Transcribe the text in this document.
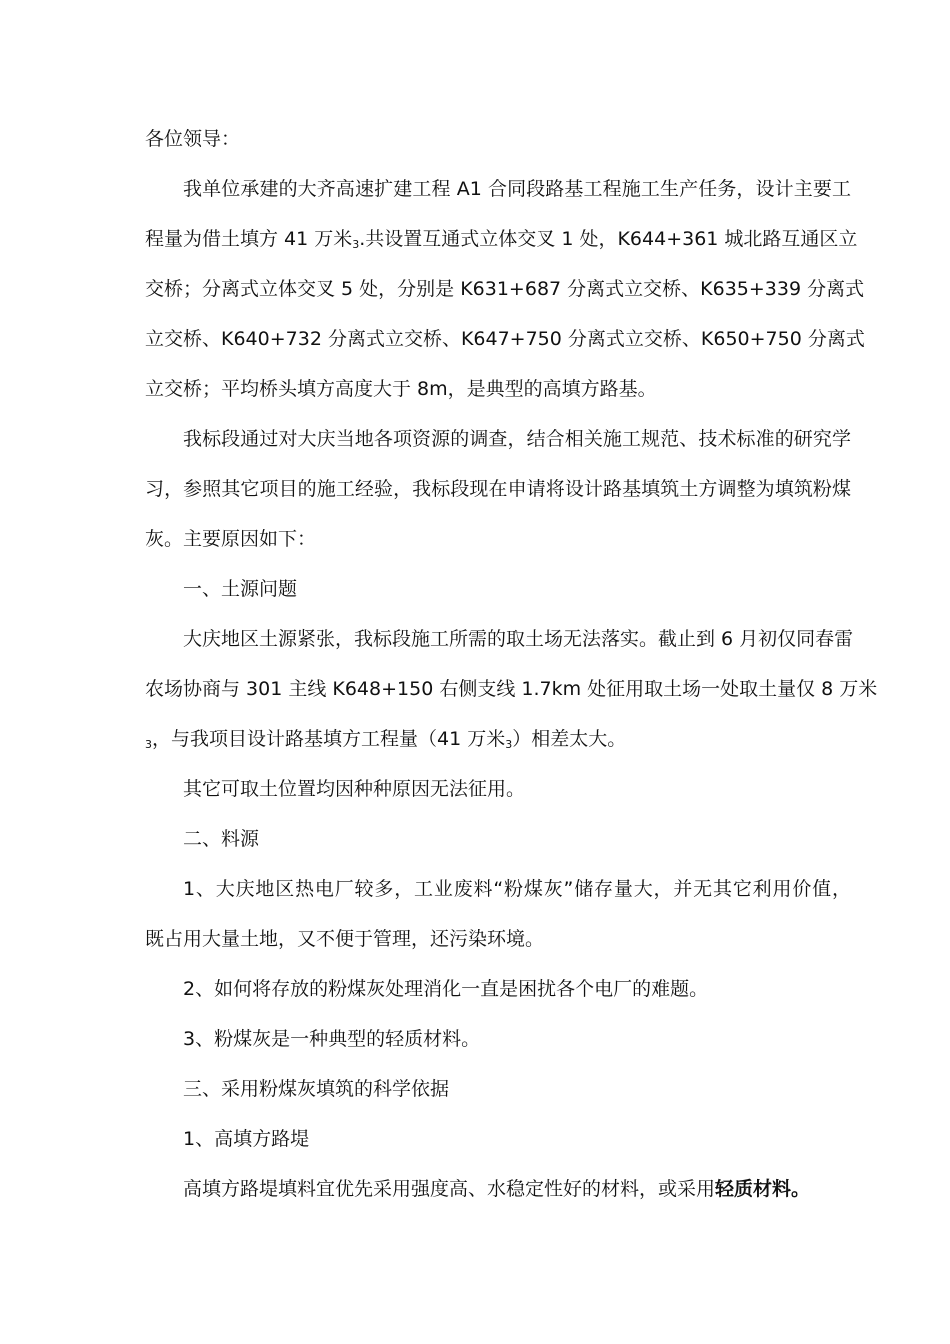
各位领导：
我单位承建的大齐高速扩建工程 A1 合同段路基工程施工生产任务，设计主要工
程量为借土填方 41 万米$_3$.共设置互通式立体交叉 1 处，K644+361 城北路互通区立
交桥；分离式立体交叉 5 处，分别是 K631+687 分离式立交桥、K635+339 分离式
立交桥、K640+732 分离式立交桥、K647+750 分离式立交桥、K650+750 分离式
立交桥；平均桥头填方高度大于 8m，是典型的高填方路基。
我标段通过对大庆当地各项资源的调查，结合相关施工规范、技术标准的研究学
习，参照其它项目的施工经验，我标段现在申请将设计路基填筑土方调整为填筑粉煤
灰。主要原因如下：
一、土源问题
大庆地区土源紧张，我标段施工所需的取土场无法落实。截止到 6 月初仅同春雷
农场协商与 301 主线 K648+150 右侧支线 1.7km 处征用取土场一处取土量仅 8 万米
$_3$，与我项目设计路基填方工程量（41 万米$_3$）相差太大。
其它可取土位置均因种种原因无法征用。
二、料源
1、大庆地区热电厂较多，工业废料“粉煤灰”储存量大，并无其它利用价值，
既占用大量土地，又不便于管理，还污染环境。
2、如何将存放的粉煤灰处理消化一直是困扰各个电厂的难题。
3、粉煤灰是一种典型的轻质材料。
三、采用粉煤灰填筑的科学依据
1、高填方路堤
高填方路堤填料宜优先采用强度高、水稳定性好的材料，或采用轻质材料。
